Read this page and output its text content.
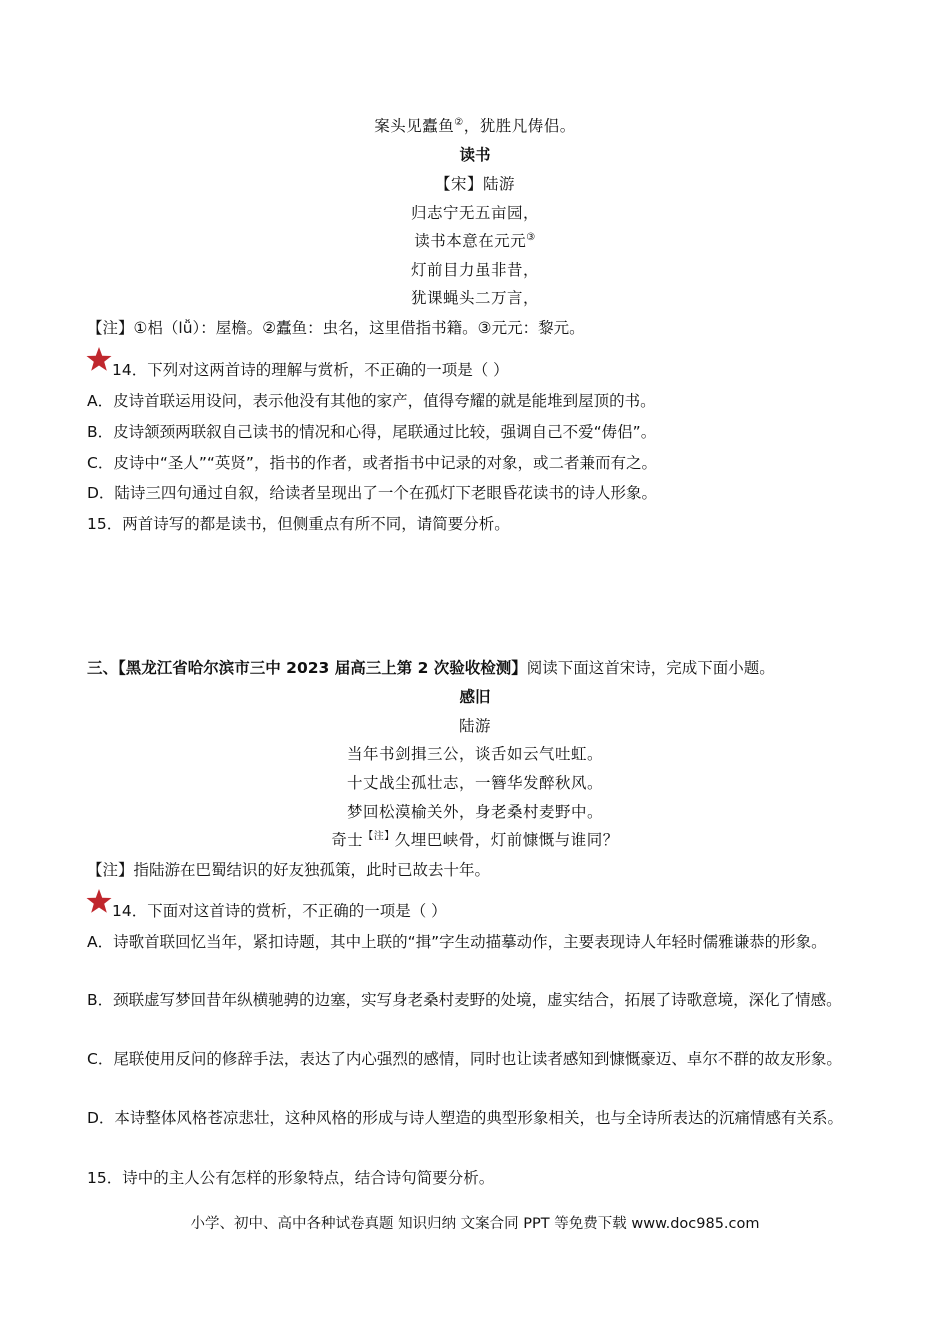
案头见蠹鱼②，犹胜凡俦侣。
读书
【宋】陆游
归志宁无五亩园，
读书本意在元元③
灯前目力虽非昔，
犹课蝇头二万言，
【注】①梠（lǚ）：屋檐。②蠹鱼：虫名，这里借指书籍。③元元：黎元。
14．下列对这两首诗的理解与赏析，不正确的一项是（ ）
A．皮诗首联运用设问，表示他没有其他的家产，值得夸耀的就是能堆到屋顶的书。
B．皮诗颔颈两联叙自己读书的情况和心得，尾联通过比较，强调自己不爱“俦侣”。
C．皮诗中“圣人”“英贤”，指书的作者，或者指书中记录的对象，或二者兼而有之。
D．陆诗三四句通过自叙，给读者呈现出了一个在孤灯下老眼昏花读书的诗人形象。
15．两首诗写的都是读书，但侧重点有所不同，请简要分析。
三、【黑龙江省哈尔滨市三中 2023 届高三上第 2 次验收检测】阅读下面这首宋诗，完成下面小题。
感旧
陆游
当年书剑揖三公，谈舌如云气吐虹。
十丈战尘孤壮志，一簪华发醉秋风。
梦回松漠榆关外，身老桑村麦野中。
奇士$^{【注】}$久埋巴峡骨，灯前慷慨与谁同？
【注】指陆游在巴蜀结识的好友独孤策，此时已故去十年。
14．下面对这首诗的赏析，不正确的一项是（ ）
A．诗歌首联回忆当年，紧扣诗题，其中上联的“揖”字生动描摹动作，主要表现诗人年轻时儒雅谦恭的形象。
B．颈联虚写梦回昔年纵横驰骋的边塞，实写身老桑村麦野的处境，虚实结合，拓展了诗歌意境，深化了情感。
C．尾联使用反问的修辞手法，表达了内心强烈的感情，同时也让读者感知到慷慨豪迈、卓尔不群的故友形象。
D．本诗整体风格苍凉悲壮，这种风格的形成与诗人塑造的典型形象相关，也与全诗所表达的沉痛情感有关系。
15．诗中的主人公有怎样的形象特点，结合诗句简要分析。
小学、初中、高中各种试卷真题 知识归纳 文案合同 PPT 等免费下载 www.doc985.com
